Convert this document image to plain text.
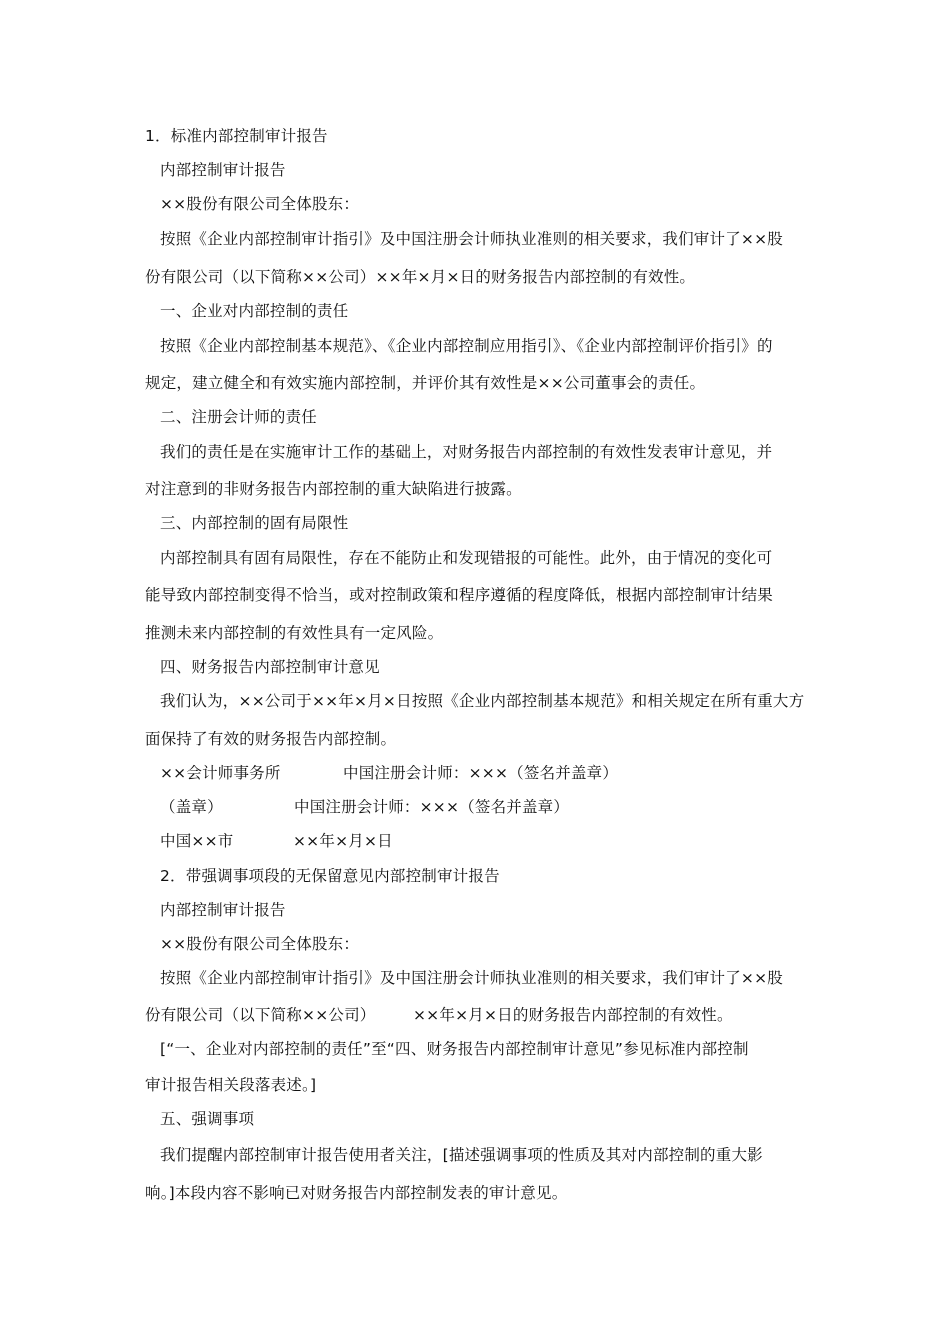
1．标准内部控制审计报告
内部控制审计报告
××股份有限公司全体股东：
按照《企业内部控制审计指引》及中国注册会计师执业准则的相关要求，我们审计了××股
份有限公司（以下简称××公司）××年×月×日的财务报告内部控制的有效性。
一、企业对内部控制的责任
按照《企业内部控制基本规范》、《企业内部控制应用指引》、《企业内部控制评价指引》的
规定，建立健全和有效实施内部控制，并评价其有效性是××公司董事会的责任。
二、注册会计师的责任
我们的责任是在实施审计工作的基础上，对财务报告内部控制的有效性发表审计意见，并
对注意到的非财务报告内部控制的重大缺陷进行披露。
三、内部控制的固有局限性
内部控制具有固有局限性，存在不能防止和发现错报的可能性。此外，由于情况的变化可
能导致内部控制变得不恰当，或对控制政策和程序遵循的程度降低，根据内部控制审计结果
推测未来内部控制的有效性具有一定风险。
四、财务报告内部控制审计意见
我们认为，××公司于××年×月×日按照《企业内部控制基本规范》和相关规定在所有重大方
面保持了有效的财务报告内部控制。
××会计师事务所	中国注册会计师：×××（签名并盖章）
（盖章）	中国注册会计师：×××（签名并盖章）
中国××市	××年×月×日
2．带强调事项段的无保留意见内部控制审计报告
内部控制审计报告
××股份有限公司全体股东：
按照《企业内部控制审计指引》及中国注册会计师执业准则的相关要求，我们审计了××股
份有限公司（以下简称××公司） ××年×月×日的财务报告内部控制的有效性。
[“一、企业对内部控制的责任”至“四、财务报告内部控制审计意见”参见标准内部控制
审计报告相关段落表述。]
五、强调事项
我们提醒内部控制审计报告使用者关注，[描述强调事项的性质及其对内部控制的重大影
响。]本段内容不影响已对财务报告内部控制发表的审计意见。
